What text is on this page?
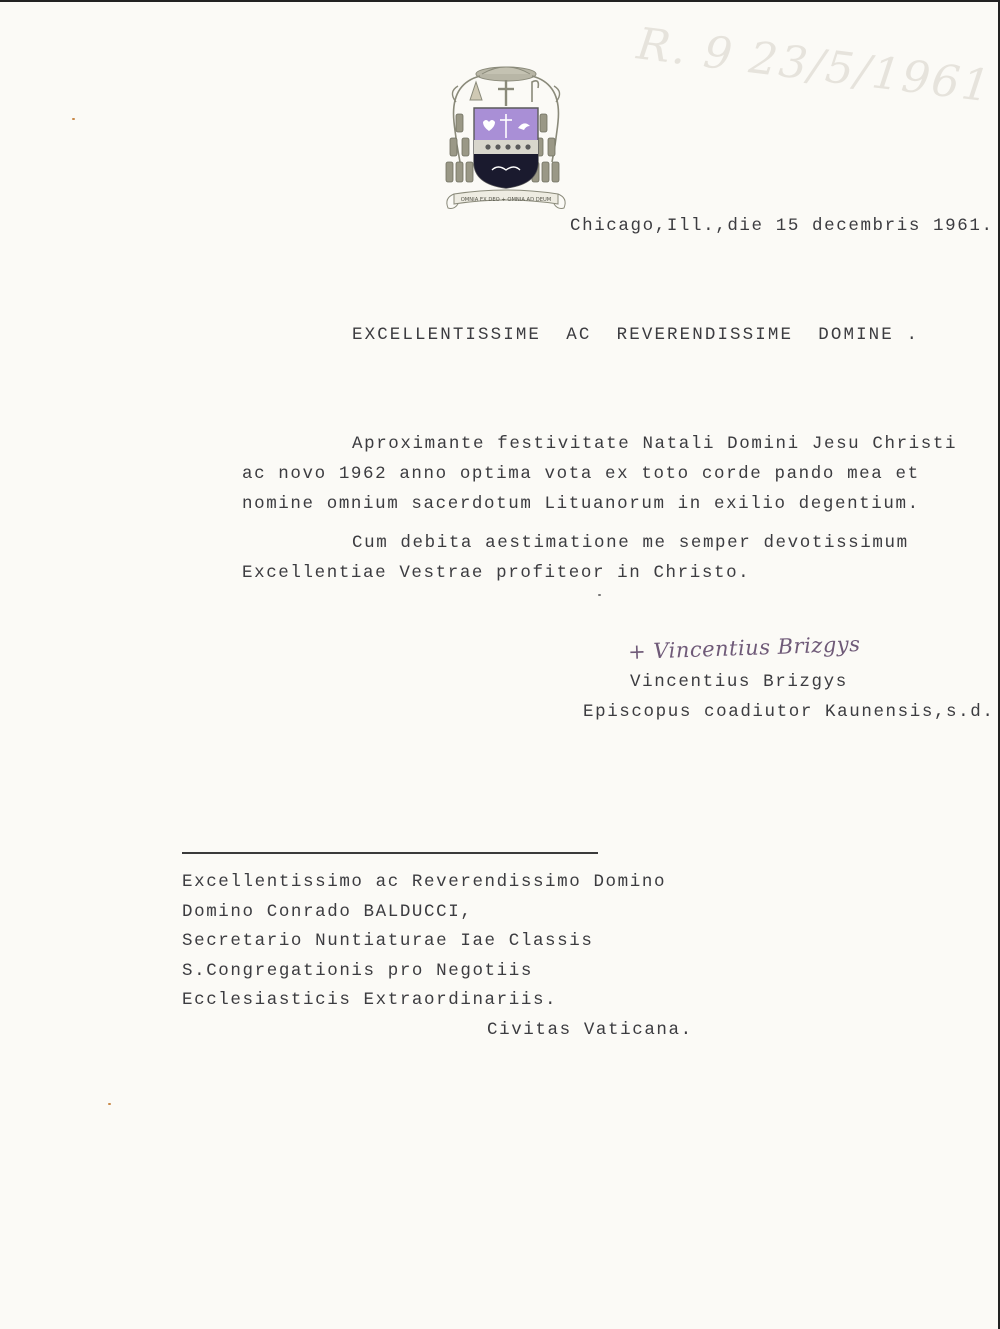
OMNIA EX DEO + OMNIA AD DEUM
R. 9 23/5/1961
Chicago,Ill.,die 15 decembris 1961.
EXCELLENTISSIME  AC  REVERENDISSIME  DOMINE .
Aproximante festivitate Natali Domini Jesu Christi
ac novo 1962 anno optima vota ex toto corde pando mea et
nomine omnium sacerdotum Lituanorum in exilio degentium.
Cum debita aestimatione me semper devotissimum
Excellentiae Vestrae profiteor in Christo.
+ Vincentius Brizgys
Vincentius Brizgys
Episcopus coadiutor Kaunensis,s.d.
Excellentissimo ac Reverendissimo Domino
Domino Conrado BALDUCCI,
Secretario Nuntiaturae Iae Classis
S.Congregationis pro Negotiis
Ecclesiasticis Extraordinariis.
Civitas Vaticana.
